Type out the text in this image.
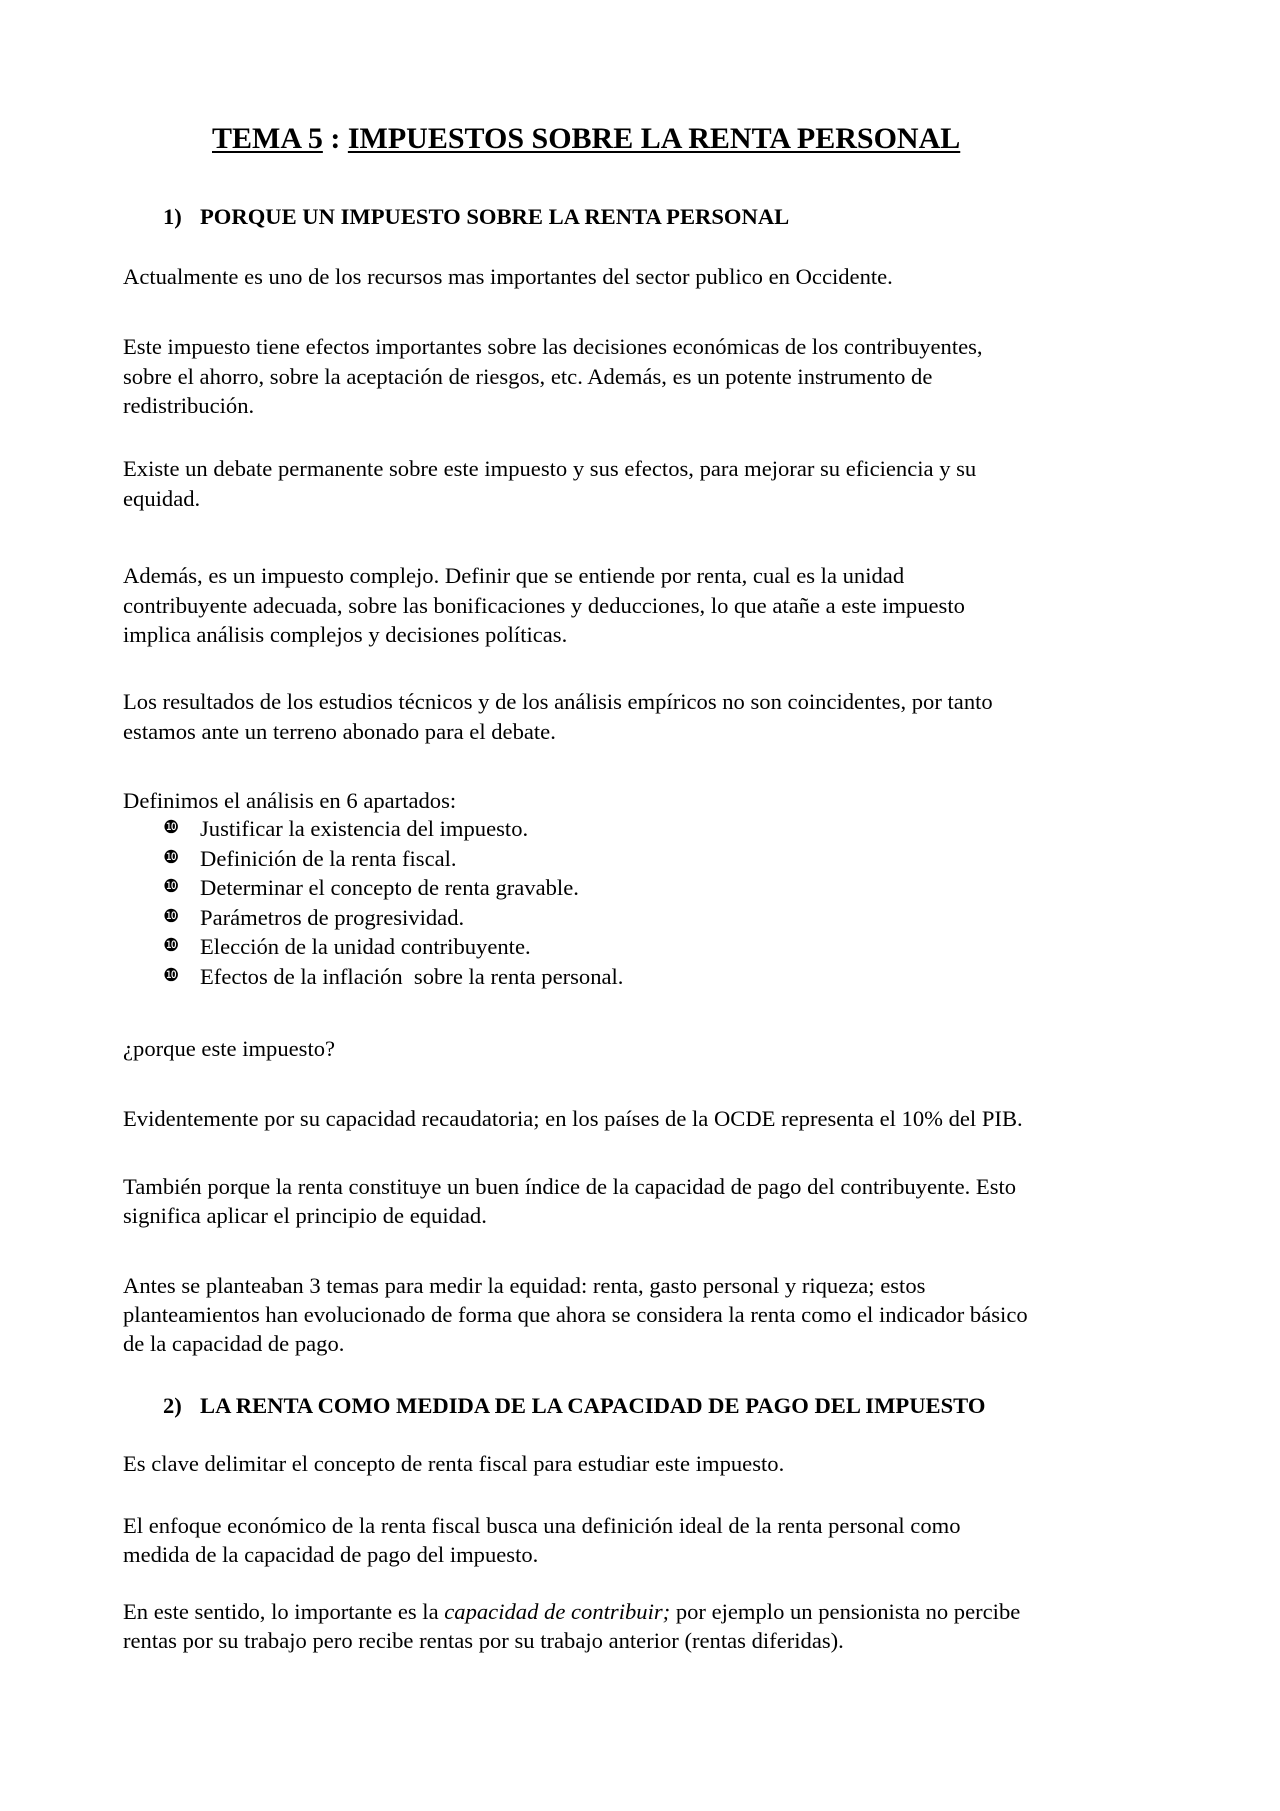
TEMA 5 : IMPUESTOS SOBRE LA RENTA PERSONAL
1) PORQUE UN IMPUESTO SOBRE LA RENTA PERSONAL
Actualmente es uno de los recursos mas importantes del sector publico en Occidente.
Este impuesto tiene efectos importantes sobre las decisiones económicas de los contribuyentes,
sobre el ahorro, sobre la aceptación de riesgos, etc. Además, es un potente instrumento de
redistribución.
Existe un debate permanente sobre este impuesto y sus efectos, para mejorar su eficiencia y su
equidad.
Además, es un impuesto complejo. Definir que se entiende por renta, cual es la unidad
contribuyente adecuada, sobre las bonificaciones y deducciones, lo que atañe a este impuesto
implica análisis complejos y decisiones políticas.
Los resultados de los estudios técnicos y de los análisis empíricos no son coincidentes, por tanto
estamos ante un terreno abonado para el debate.
Definimos el análisis en 6 apartados:
❿ Justificar la existencia del impuesto.
❿ Definición de la renta fiscal.
❿ Determinar el concepto de renta gravable.
❿ Parámetros de progresividad.
❿ Elección de la unidad contribuyente.
❿ Efectos de la inflación  sobre la renta personal.
¿porque este impuesto?
Evidentemente por su capacidad recaudatoria; en los países de la OCDE representa el 10% del PIB.
También porque la renta constituye un buen índice de la capacidad de pago del contribuyente. Esto
significa aplicar el principio de equidad.
Antes se planteaban 3 temas para medir la equidad: renta, gasto personal y riqueza; estos
planteamientos han evolucionado de forma que ahora se considera la renta como el indicador básico
de la capacidad de pago.
2) LA RENTA COMO MEDIDA DE LA CAPACIDAD DE PAGO DEL IMPUESTO
Es clave delimitar el concepto de renta fiscal para estudiar este impuesto.
El enfoque económico de la renta fiscal busca una definición ideal de la renta personal como
medida de la capacidad de pago del impuesto.
En este sentido, lo importante es la capacidad de contribuir; por ejemplo un pensionista no percibe
rentas por su trabajo pero recibe rentas por su trabajo anterior (rentas diferidas).
